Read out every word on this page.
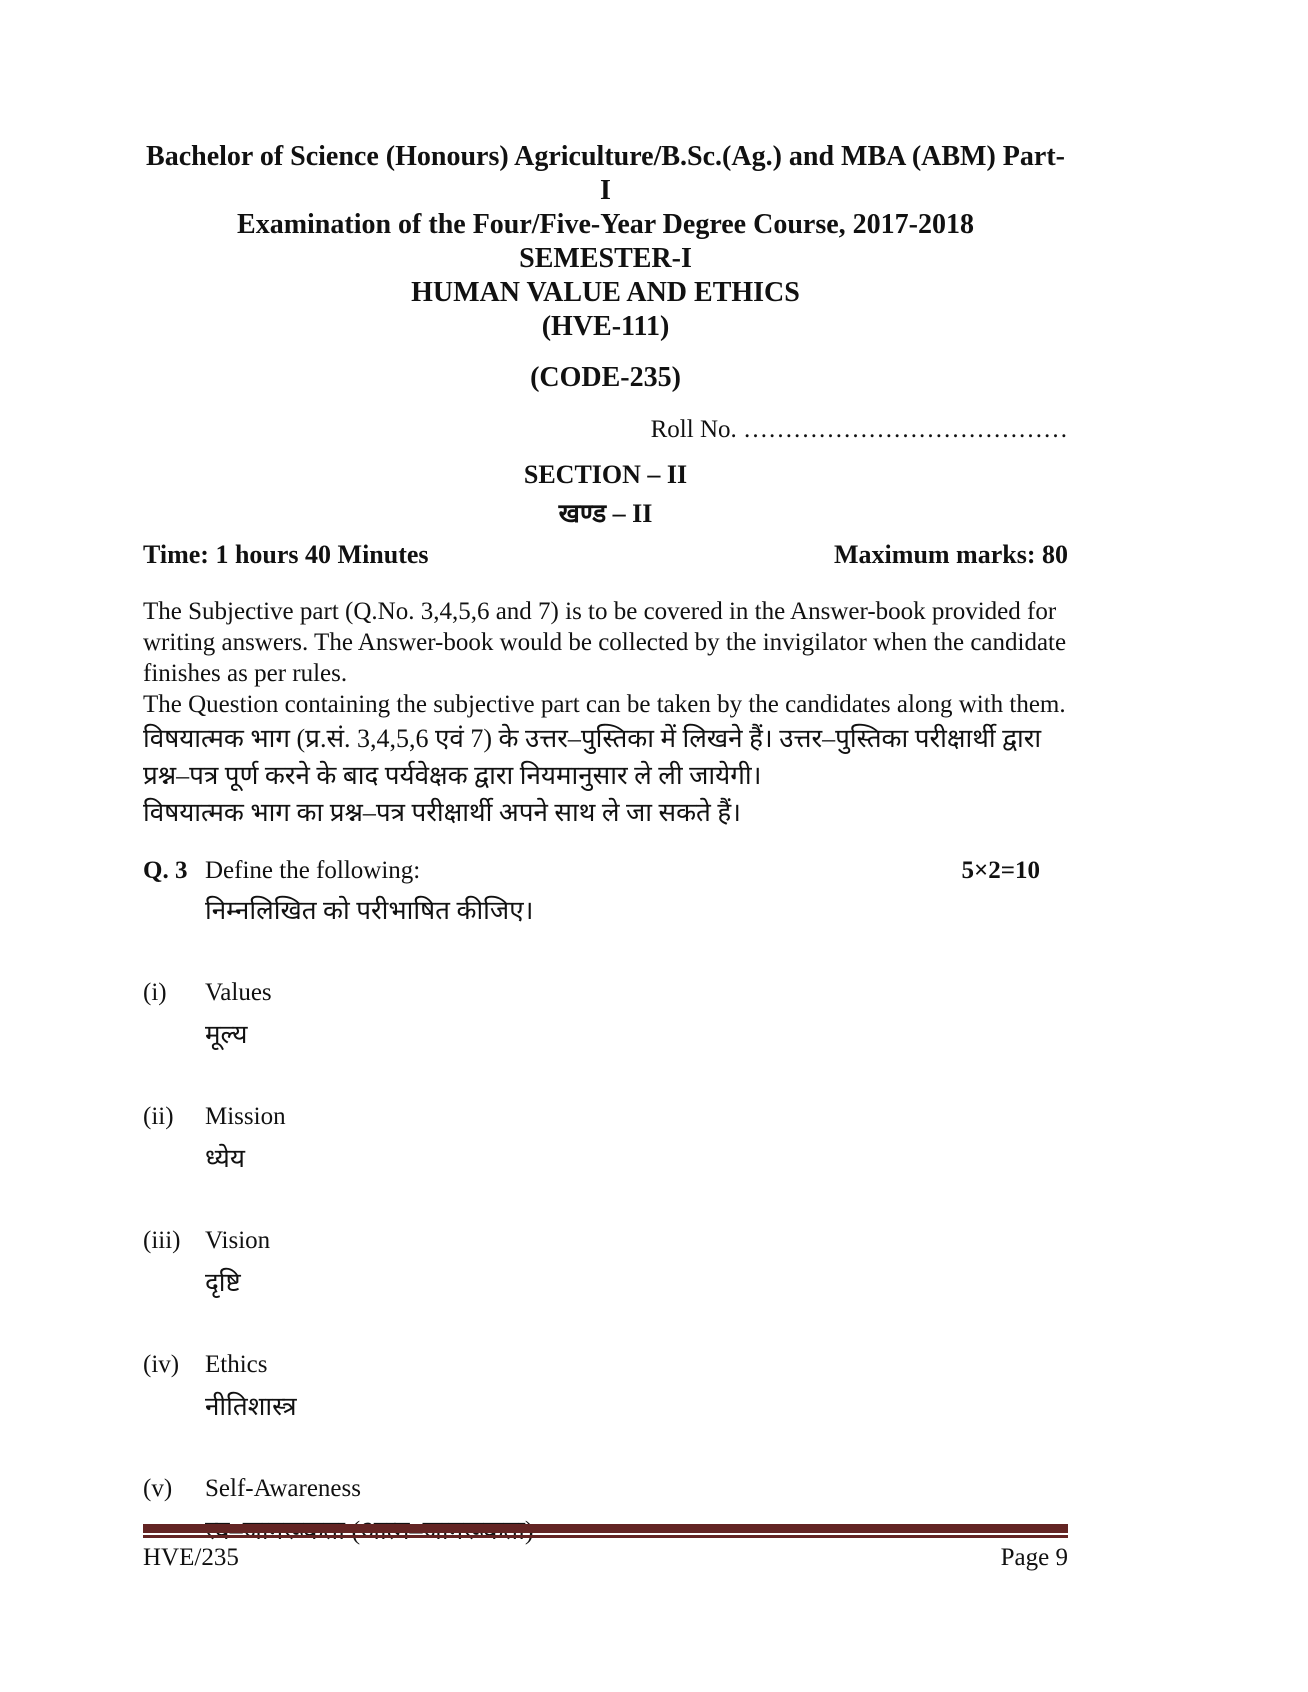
Bachelor of Science (Honours) Agriculture/B.Sc.(Ag.) and MBA (ABM) Part-I
Examination of the Four/Five-Year Degree Course, 2017-2018
SEMESTER-I
HUMAN VALUE AND ETHICS
(HVE-111)
(CODE-235)
Roll No. …………………………………
SECTION – II
खण्ड – II
Time: 1 hours 40 Minutes	Maximum marks: 80
The Subjective part (Q.No. 3,4,5,6 and 7) is to be covered in the Answer-book provided for writing answers. The Answer-book would be collected by the invigilator when the candidate finishes as per rules.
The Question containing the subjective part can be taken by the candidates along with them.
विषयात्मक भाग (प्र.सं. 3,4,5,6 एवं 7) के उत्तर–पुस्तिका में लिखने हैं। उत्तर–पुस्तिका परीक्षार्थी द्वारा प्रश्न–पत्र पूर्ण करने के बाद पर्यवेक्षक द्वारा नियमानुसार ले ली जायेगी।
विषयात्मक भाग का प्रश्न–पत्र परीक्षार्थी अपने साथ ले जा सकते हैं।
Q. 3 Define the following:	5×2=10
निम्नलिखित को परीभाषित कीजिए।
(i)	Values
मूल्य
(ii)	Mission
ध्येय
(iii) Vision
दृष्टि
(iv)	Ethics
नीतिशास्त्र
(v)	Self-Awareness
HVE/235	Page 9
